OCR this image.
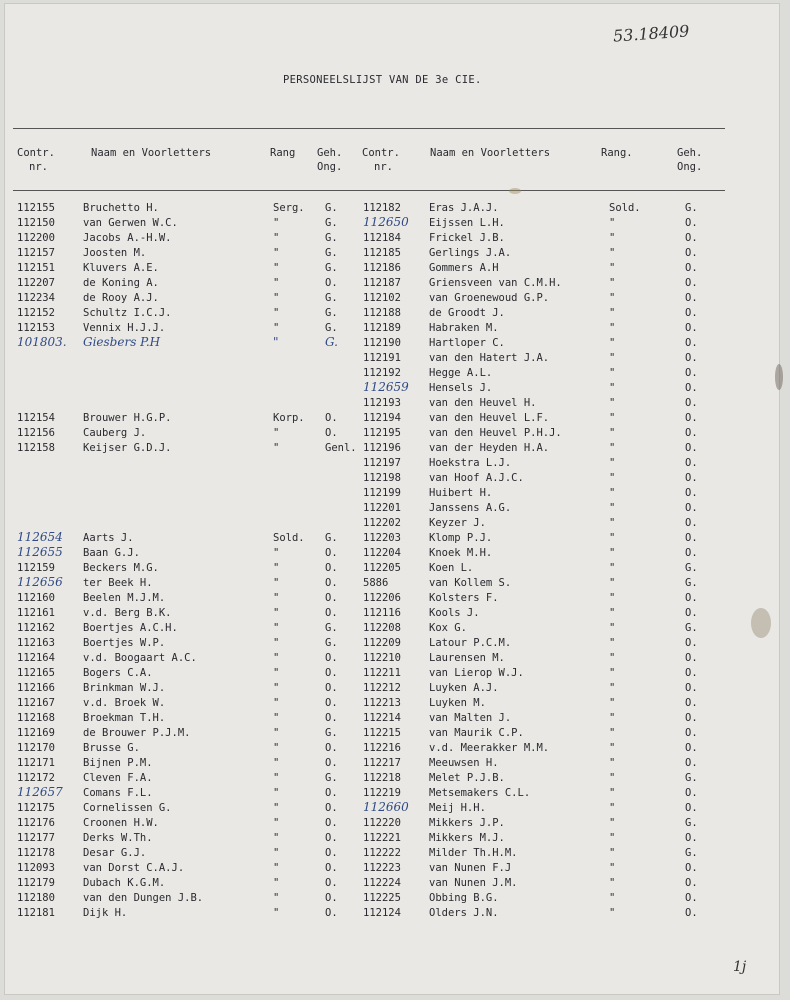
53.18409
PERSONEELSLIJST VAN DE 3e CIE.
Contr.
nr.
Naam en Voorletters	Rang Geh.
Ong.
Contr.
nr.
Naam en Voorletters	Rang.	Geh.
Ong.
112155	Bruchetto H.	Serg. G.
112150	van Gerwen W.C.	"	G.
112200	Jacobs A.-H.W.	"	G.
112157	Joosten M.	"	G.
112151	Kluvers A.E.	"	G.
112207	de Koning A.	"	O.
112234	de Rooy A.J.	"	G.
112152	Schultz I.C.J.	"	G.
112153	Vennix H.J.J.	"	G.
101803. Giesbers P.H	"	G.
112154	Brouwer H.G.P.	Korp. O.
112156	Cauberg J.	"	O.
112158	Keijser G.D.J.	"	Genl.
112654 Aarts J.	Sold. G.
112655 Baan G.J.	"	O.
112159	Beckers M.G.	"	O.
112656 ter Beek H.	"	O.
112160	Beelen M.J.M.	"	O.
112161	v.d. Berg B.K.	"	O.
112162	Boertjes A.C.H.	"	G.
112163	Boertjes W.P.	"	G.
112164	v.d. Boogaart A.C.	"	O.
112165	Bogers C.A.	"	O.
112166	Brinkman W.J.	"	O.
112167	v.d. Broek W.	"	O.
112168	Broekman T.H.	"	O.
112169	de Brouwer P.J.M.	"	G.
112170	Brusse G.	"	O.
112171	Bijnen P.M.	"	O.
112172	Cleven F.A.	"	G.
112657 Comans F.L.	"	O.
112175	Cornelissen G.	"	O.
112176	Croonen H.W.	"	O.
112177	Derks W.Th.	"	O.
112178	Desar G.J.	"	O.
112093	van Dorst C.A.J.	"	O.
112179	Dubach K.G.M.	"	O.
112180	van den Dungen J.B.	"	O.
112181	Dijk H.	"	O.
112182	Eras J.A.J.	Sold.	G.
112650 Eijssen L.H.	"	O.
112184	Frickel J.B.	"	O.
112185	Gerlings J.A.	"	O.
112186	Gommers A.H	"	O.
112187	Griensveen van C.M.H.	"	O.
112102	van Groenewoud G.P.	"	O.
112188	de Groodt J.	"	O.
112189	Habraken M.	"	O.
112190	Hartloper C.	"	O.
112191	van den Hatert J.A.	"	O.
112192	Hegge A.L.	"	O.
112659 Hensels J.	"	O.
112193	van den Heuvel H.	"	O.
112194	van den Heuvel L.F.	"	O.
112195	van den Heuvel P.H.J.	"	O.
112196	van der Heyden H.A.	"	O.
112197	Hoekstra L.J.	"	O.
112198	van Hoof A.J.C.	"	O.
112199	Huibert H.	"	O.
112201	Janssens A.G.	"	O.
112202	Keyzer J.	"	O.
112203	Klomp P.J.	"	O.
112204	Knoek M.H.	"	O.
112205	Koen L.	"	G.
5886	van Kollem S.	"	G.
112206	Kolsters F.	"	O.
112116	Kools J.	"	O.
112208	Kox G.	"	G.
112209	Latour P.C.M.	"	O.
112210	Laurensen M.	"	O.
112211	van Lierop W.J.	"	O.
112212	Luyken A.J.	"	O.
112213	Luyken M.	"	O.
112214	van Malten J.	"	O.
112215	van Maurik C.P.	"	O.
112216	v.d. Meerakker M.M.	"	O.
112217	Meeuwsen H.	"	O.
112218	Melet P.J.B.	"	G.
112219	Metsemakers C.L.	"	O.
112660 Meij H.H.	"	O.
112220	Mikkers J.P.	"	G.
112221	Mikkers M.J.	"	O.
112222	Milder Th.H.M.	"	G.
112223	van Nunen F.J	"	O.
112224	van Nunen J.M.	"	O.
112225	Obbing B.G.	"	O.
112124	Olders J.N.	"	O.
1j
